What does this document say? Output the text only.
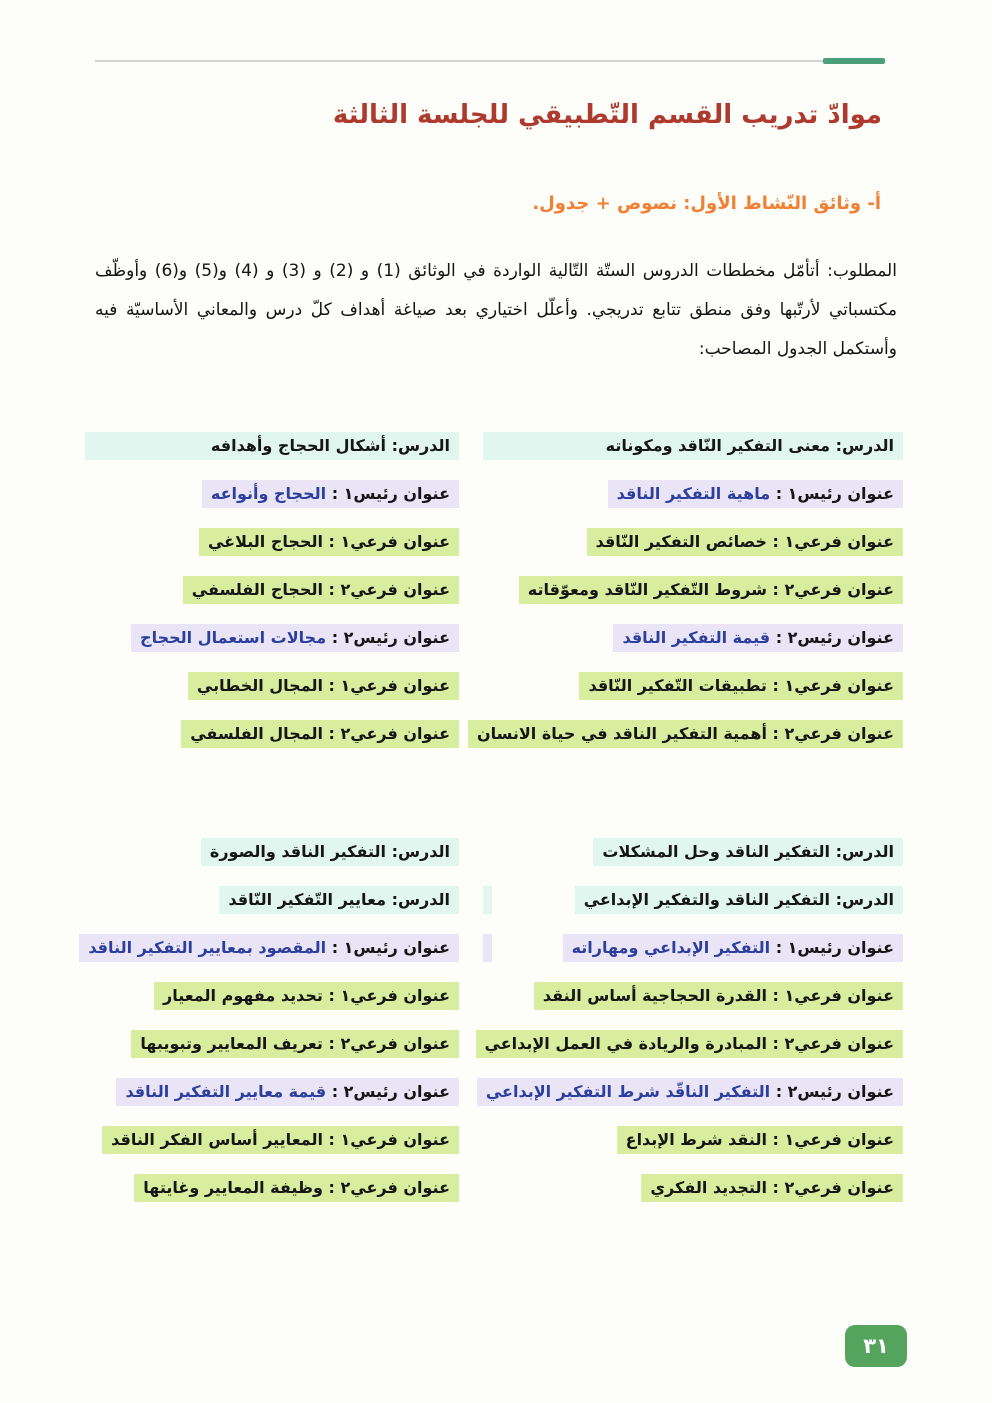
موادّ تدريب القسم التّطبيقي للجلسة الثالثة
أ- وثائق النّشاط الأول: نصوص + جدول.

المطلوب: أتأمّل مخططات الدروس الستّة التّالية الواردة في الوثائق (1) و (2) و (3) و (4) و(5) و(6) وأوظّف مكتسباتي لأرتّبها وفق منطق تتابع تدريجي. وأعلّل اختياري بعد صياغة أهداف كلّ درس والمعاني الأساسيّة فيه وأستكمل الجدول المصاحب:

الدرس: معنى التفكير النّاقد ومكوناته
عنوان رئيس١ : ماهية التفكير الناقد
عنوان فرعي١ : خصائص التفكير النّاقد
عنوان فرعي٢ : شروط التّفكير النّاقد ومعوّقاته
عنوان رئيس٢ : قيمة التفكير الناقد
عنوان فرعي١ : تطبيقات التّفكير النّاقد
عنوان فرعي٢ : أهمية التفكير الناقد في حياة الانسان
الدرس: أشكال الحجاج وأهدافه
عنوان رئيس١ : الحجاج وأنواعه
عنوان فرعي١ : الحجاج البلاغي
عنوان فرعي٢ : الحجاج الفلسفي
عنوان رئيس٢ : مجالات استعمال الحجاج
عنوان فرعي١ : المجال الخطابي
عنوان فرعي٢ : المجال الفلسفي
الدرس: التفكير الناقد وحل المشكلات
الدرس: التفكير الناقد والتفكير الإبداعي
عنوان رئيس١ : التفكير الإبداعي ومهاراته
عنوان فرعي١ : القدرة الحجاجية أساس النقد
عنوان فرعي٢ : المبادرة والريادة في العمل الإبداعي
عنوان رئيس٢ : التفكير الناقّد شرط التفكير الإبداعي
عنوان فرعي١ : النقد شرط الإبداع
عنوان فرعي٢ : التجديد الفكري
الدرس: التفكير الناقد والصورة
الدرس: معايير التّفكير النّاقد
عنوان رئيس١ : المقصود بمعايير التفكير الناقد
عنوان فرعي١ : تحديد مفهوم المعيار
عنوان فرعي٢ : تعريف المعايير وتبويبها
عنوان رئيس٢ : قيمة معايير التفكير الناقد
عنوان فرعي١ : المعايير أساس الفكر الناقد
عنوان فرعي٢ : وظيفة المعايير وغايتها
٣١
